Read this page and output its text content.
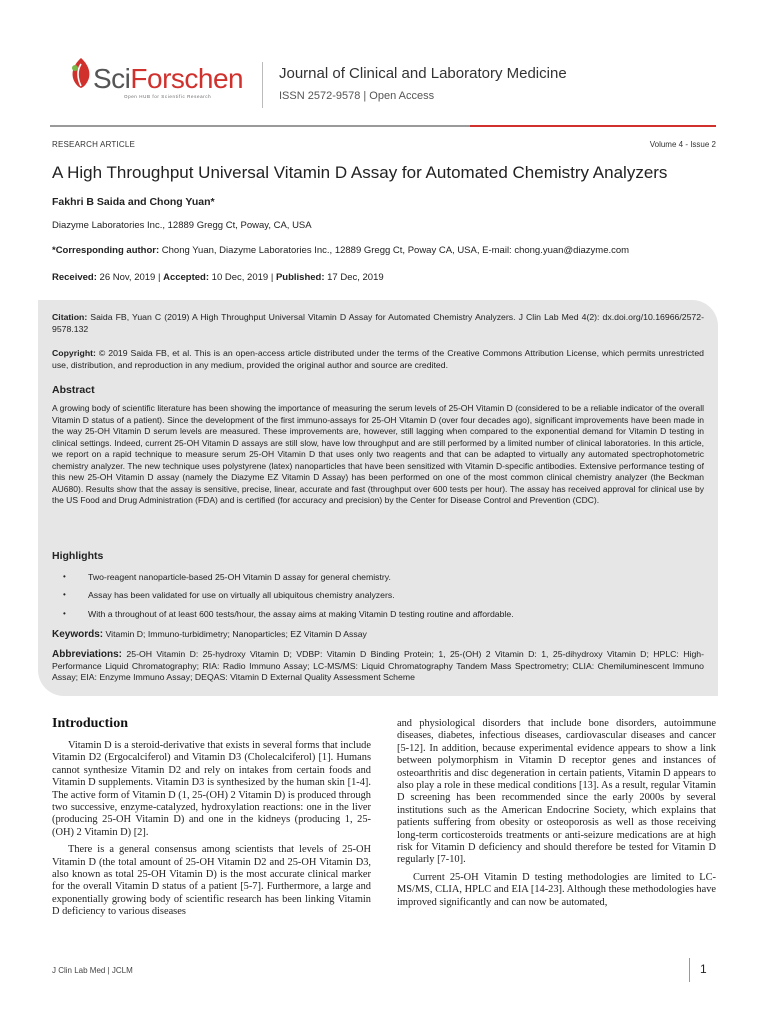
SciForschen
Open HUB for Scientific Research
Journal of Clinical and Laboratory Medicine
ISSN 2572-9578 | Open Access
RESEARCH ARTICLE	Volume 4 - Issue 2
A High Throughput Universal Vitamin D Assay for Automated Chemistry Analyzers
Fakhri B Saida and Chong Yuan*
Diazyme Laboratories Inc., 12889 Gregg Ct, Poway, CA, USA
*Corresponding author: Chong Yuan, Diazyme Laboratories Inc., 12889 Gregg Ct, Poway CA, USA, E-mail: chong.yuan@diazyme.com
Received: 26 Nov, 2019 | Accepted: 10 Dec, 2019 | Published: 17 Dec, 2019
Citation: Saida FB, Yuan C (2019) A High Throughput Universal Vitamin D Assay for Automated Chemistry Analyzers. J Clin Lab Med 4(2): dx.doi.org/10.16966/2572-9578.132
Copyright: © 2019 Saida FB, et al. This is an open-access article distributed under the terms of the Creative Commons Attribution License, which permits unrestricted use, distribution, and reproduction in any medium, provided the original author and source are credited.
Abstract
A growing body of scientific literature has been showing the importance of measuring the serum levels of 25-OH Vitamin D (considered to be a reliable indicator of the overall Vitamin D status of a patient). Since the development of the first immuno-assays for 25-OH Vitamin D (over four decades ago), significant improvements have been made in the way 25-OH Vitamin D serum levels are measured. These improvements are, however, still lagging when compared to the exponential demand for Vitamin D testing in clinical settings. Indeed, current 25-OH Vitamin D assays are still slow, have low throughput and are still performed by a limited number of clinical laboratories. In this article, we report on a rapid technique to measure serum 25-OH Vitamin D that uses only two reagents and that can be adapted to virtually any automated spectrophotometric chemistry analyzer. The new technique uses polystyrene (latex) nanoparticles that have been sensitized with Vitamin D-specific antibodies. Extensive performance testing of this new 25-OH Vitamin D assay (namely the Diazyme EZ Vitamin D Assay) has been performed on one of the most common clinical chemistry analyzer (the Beckman AU680). Results show that the assay is sensitive, precise, linear, accurate and fast (throughput over 600 tests per hour). The assay has received approval for clinical use by the US Food and Drug Administration (FDA) and is certified (for accuracy and precision) by the Center for Disease Control and Prevention (CDC).
Highlights
•	Two-reagent nanoparticle-based 25-OH Vitamin D assay for general chemistry.
•	Assay has been validated for use on virtually all ubiquitous chemistry analyzers.
•	With a throughout of at least 600 tests/hour, the assay aims at making Vitamin D testing routine and affordable.
Keywords: Vitamin D; Immuno-turbidimetry; Nanoparticles; EZ Vitamin D Assay
Abbreviations: 25-OH Vitamin D: 25-hydroxy Vitamin D; VDBP: Vitamin D Binding Protein; 1, 25-(OH) 2 Vitamin D: 1, 25-dihydroxy Vitamin D; HPLC: High-Performance Liquid Chromatography; RIA: Radio Immuno Assay; LC-MS/MS: Liquid Chromatography Tandem Mass Spectrometry; CLIA: Chemiluminescent Immuno Assay; EIA: Enzyme Immuno Assay; DEQAS: Vitamin D External Quality Assessment Scheme
Introduction

Vitamin D is a steroid-derivative that exists in several forms that include Vitamin D2 (Ergocalciferol) and Vitamin D3 (Cholecalciferol) [1]. Humans cannot synthesize Vitamin D2 and rely on intakes from certain foods and Vitamin D supplements. Vitamin D3 is synthesized by the human skin [1-4]. The active form of Vitamin D (1, 25-(OH) 2 Vitamin D) is produced through two successive, enzyme-catalyzed, hydroxylation reactions: one in the liver (producing 25-OH Vitamin D) and one in the kidneys (producing 1, 25-(OH) 2 Vitamin D) [2].

There is a general consensus among scientists that levels of 25-OH Vitamin D (the total amount of 25-OH Vitamin D2 and 25-OH Vitamin D3, also known as total 25-OH Vitamin D) is the most accurate clinical marker for the overall Vitamin D status of a patient [5-7]. Furthermore, a large and exponentially growing body of scientific research has been linking Vitamin D deficiency to various diseases

and physiological disorders that include bone disorders, autoimmune diseases, diabetes, infectious diseases, cardiovascular diseases and cancer [5-12]. In addition, because experimental evidence appears to show a link between polymorphism in Vitamin D receptor genes and instances of osteoarthritis and disc degeneration in certain patients, Vitamin D appears to also play a role in these medical conditions [13]. As a result, regular Vitamin D screening has been recommended since the early 2000s by several institutions such as the American Endocrine Society, which explains that patients suffering from obesity or osteoporosis as well as those receiving long-term corticosteroids treatments or anti-seizure medications are at high risk for Vitamin D deficiency and should therefore be tested for Vitamin D regularly [7-10].

Current 25-OH Vitamin D testing methodologies are limited to LC-MS/MS, CLIA, HPLC and EIA [14-23]. Although these methodologies have improved significantly and can now be automated,

J Clin Lab Med | JCLM	1
